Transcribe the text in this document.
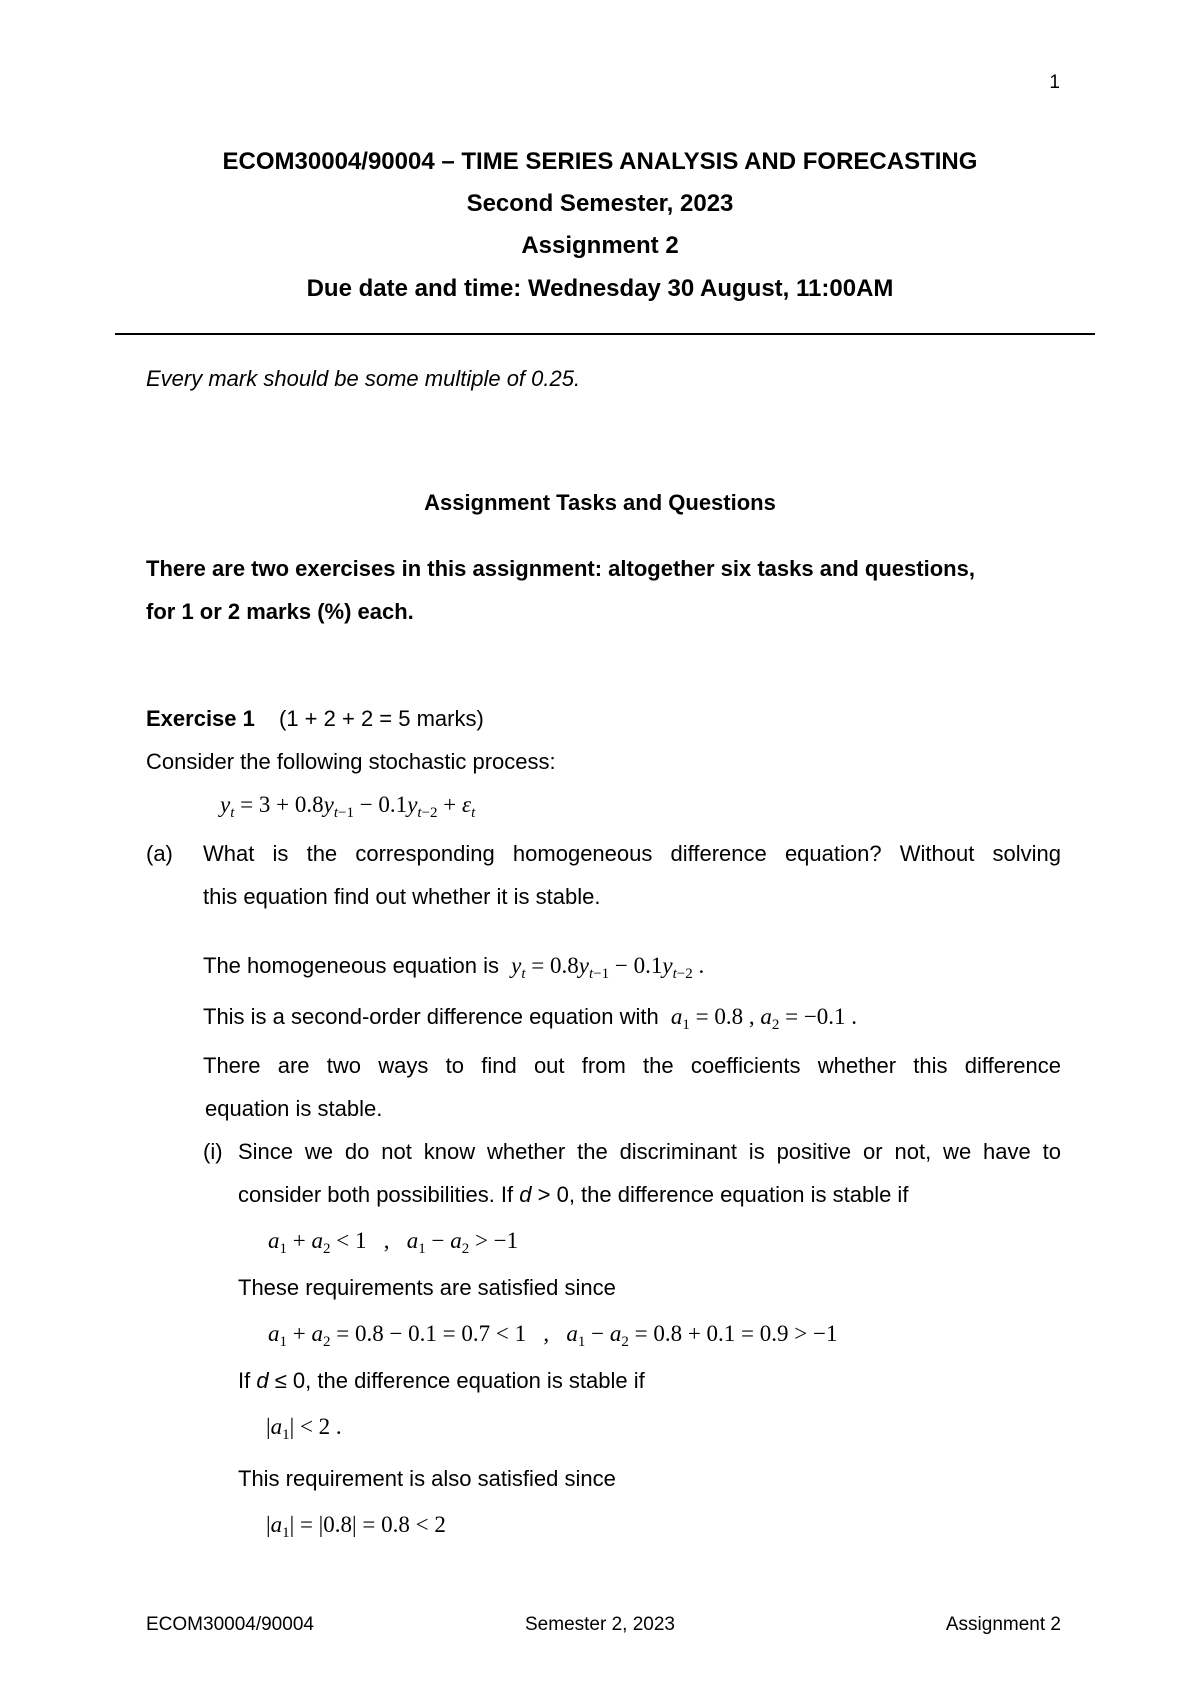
1
ECOM30004/90004 – TIME SERIES ANALYSIS AND FORECASTING
Second Semester, 2023
Assignment 2
Due date and time: Wednesday 30 August, 11:00AM
Every mark should be some multiple of 0.25.
Assignment Tasks and Questions
There are two exercises in this assignment: altogether six tasks and questions,
for 1 or 2 marks (%) each.
Exercise 1 (1 + 2 + 2 = 5 marks)
Consider the following stochastic process:
$y_t = 3 + 0.8y_{t-1} - 0.1y_{t-2} + \varepsilon_t$
(a) What is the corresponding homogeneous difference equation? Without solving
this equation find out whether it is stable.
The homogeneous equation is $y_t = 0.8y_{t-1} - 0.1y_{t-2}$ .
This is a second-order difference equation with $a_1 = 0.8$ , $a_2 = -0.1$ .
There are two ways to find out from the coefficients whether this difference
equation is stable.
(i) Since we do not know whether the discriminant is positive or not, we have to
consider both possibilities. If d > 0, the difference equation is stable if
$a_1 + a_2 < 1$   ,   $a_1 - a_2 > -1$
These requirements are satisfied since
$a_1 + a_2 = 0.8 - 0.1 = 0.7 < 1$   ,   $a_1 - a_2 = 0.8 + 0.1 = 0.9 > -1$
If d ≤ 0, the difference equation is stable if
$|a_1| < 2$ .
This requirement is also satisfied since
$|a_1| = |0.8| = 0.8 < 2$
ECOM30004/90004	Semester 2, 2023	Assignment 2
